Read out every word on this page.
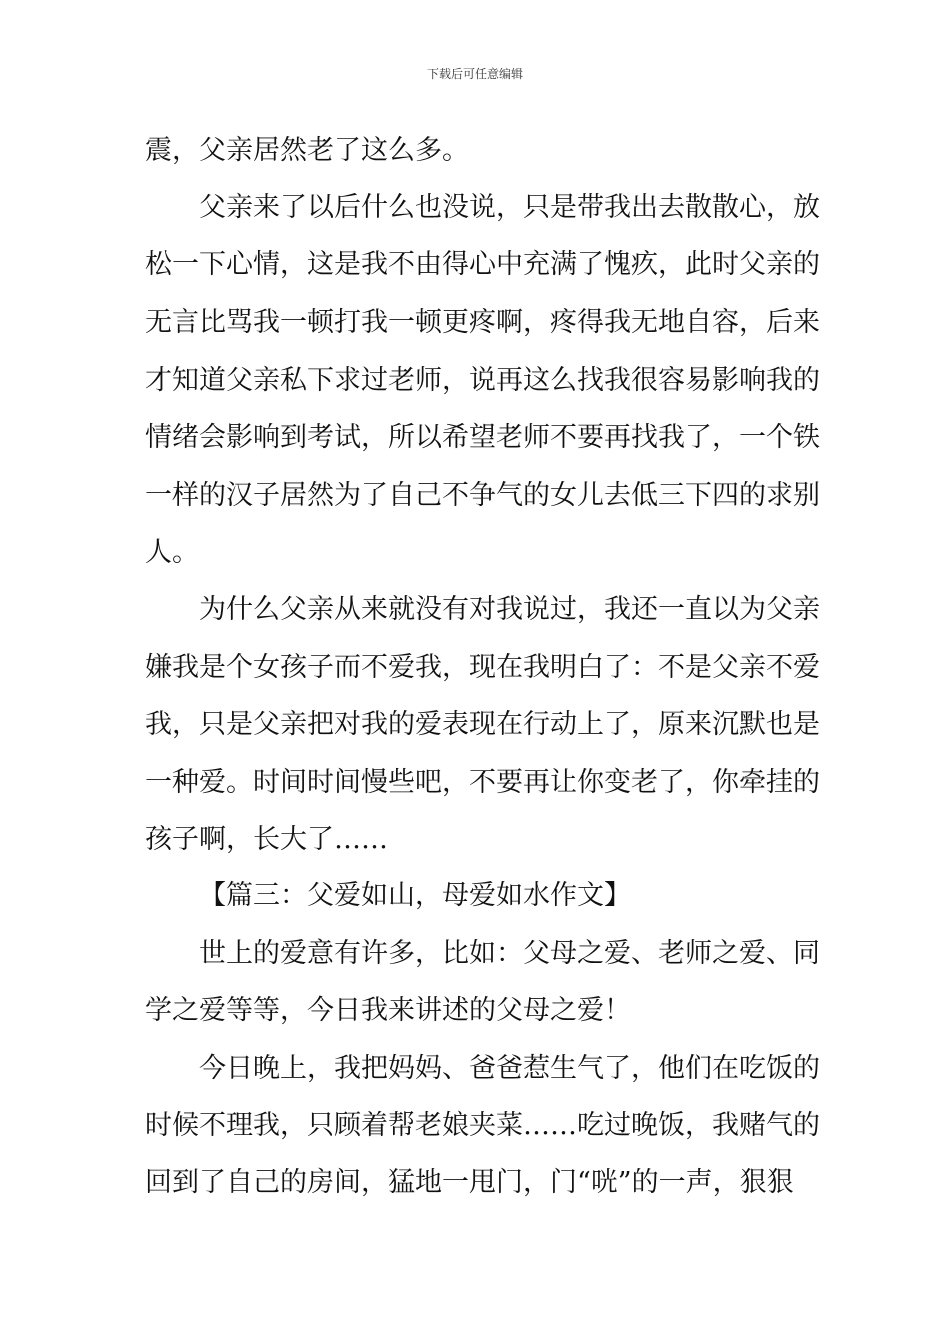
下载后可任意编辑
震，父亲居然老了这么多。
父亲来了以后什么也没说，只是带我出去散散心，放
松一下心情，这是我不由得心中充满了愧疚，此时父亲的
无言比骂我一顿打我一顿更疼啊，疼得我无地自容，后来
才知道父亲私下求过老师，说再这么找我很容易影响我的
情绪会影响到考试，所以希望老师不要再找我了，一个铁
一样的汉子居然为了自己不争气的女儿去低三下四的求别
人。
为什么父亲从来就没有对我说过，我还一直以为父亲
嫌我是个女孩子而不爱我，现在我明白了：不是父亲不爱
我，只是父亲把对我的爱表现在行动上了，原来沉默也是
一种爱。时间时间慢些吧，不要再让你变老了，你牵挂的
孩子啊，长大了……
【篇三：父爱如山，母爱如水作文】
世上的爱意有许多，比如：父母之爱、老师之爱、同
学之爱等等，今日我来讲述的父母之爱！
今日晚上，我把妈妈、爸爸惹生气了，他们在吃饭的
时候不理我，只顾着帮老娘夹菜……吃过晚饭，我赌气的
回到了自己的房间，猛地一甩门，门“咣”的一声，狠狠
